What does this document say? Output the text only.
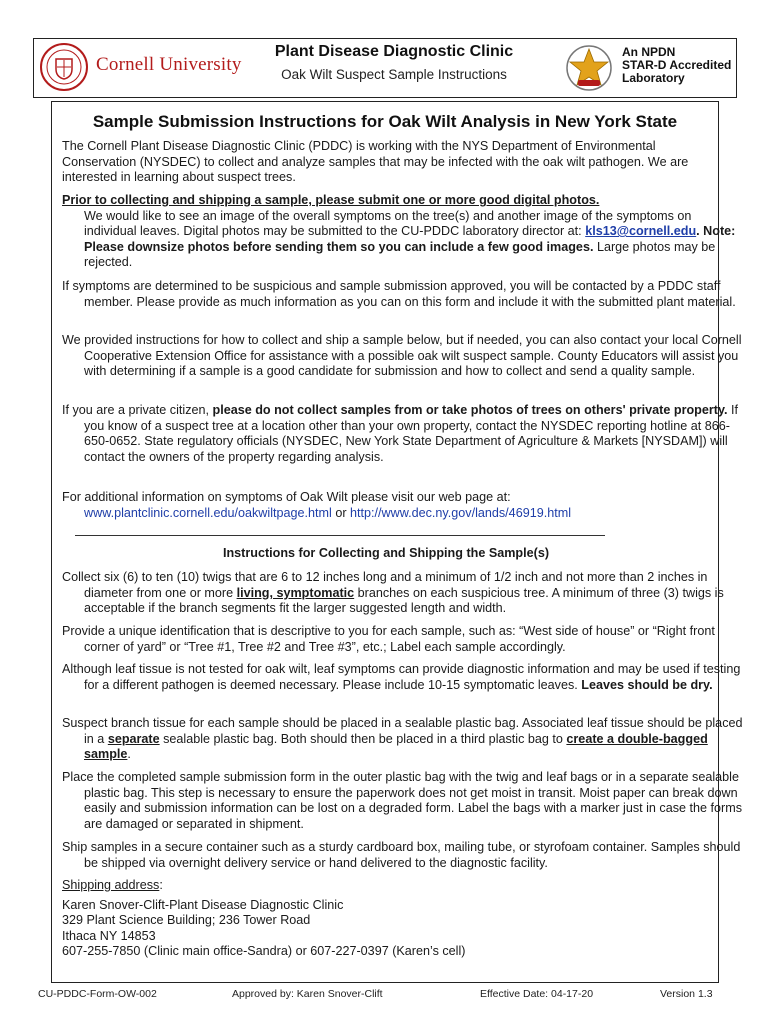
Cornell University
Plant Disease Diagnostic Clinic
Oak Wilt Suspect Sample Instructions
An NPDN
STAR-D Accredited
Laboratory
Sample Submission Instructions for Oak Wilt Analysis in New York State
The Cornell Plant Disease Diagnostic Clinic (PDDC) is working with the NYS Department of Environmental Conservation (NYSDEC) to collect and analyze samples that may be infected with the oak wilt pathogen. We are interested in learning about suspect trees.
Prior to collecting and shipping a sample, please submit one or more good digital photos.
We would like to see an image of the overall symptoms on the tree(s) and another image of the symptoms on individual leaves. Digital photos may be submitted to the CU-PDDC laboratory director at: kls13@cornell.edu. Note: Please downsize photos before sending them so you can include a few good images. Large photos may be rejected.
If symptoms are determined to be suspicious and sample submission approved, you will be contacted by a PDDC staff member. Please provide as much information as you can on this form and include it with the submitted plant material.
We provided instructions for how to collect and ship a sample below, but if needed, you can also contact your local Cornell Cooperative Extension Office for assistance with a possible oak wilt suspect sample. County Educators will assist you with determining if a sample is a good candidate for submission and how to collect and send a quality sample.
If you are a private citizen, please do not collect samples from or take photos of trees on others' private property. If you know of a suspect tree at a location other than your own property, contact the NYSDEC reporting hotline at 866-650-0652. State regulatory officials (NYSDEC, New York State Department of Agriculture & Markets [NYSDAM]) will contact the owners of the property regarding analysis.
For additional information on symptoms of Oak Wilt please visit our web page at:
www.plantclinic.cornell.edu/oakwiltpage.html or http://www.dec.ny.gov/lands/46919.html
Instructions for Collecting and Shipping the Sample(s)
Collect six (6) to ten (10) twigs that are 6 to 12 inches long and a minimum of 1/2 inch and not more than 2 inches in diameter from one or more living, symptomatic branches on each suspicious tree. A minimum of three (3) twigs is acceptable if the branch segments fit the larger suggested length and width.
Provide a unique identification that is descriptive to you for each sample, such as: “West side of house” or “Right front corner of yard” or “Tree #1, Tree #2 and Tree #3”, etc.; Label each sample accordingly.
Although leaf tissue is not tested for oak wilt, leaf symptoms can provide diagnostic information and may be used if testing for a different pathogen is deemed necessary. Please include 10-15 symptomatic leaves. Leaves should be dry.
Suspect branch tissue for each sample should be placed in a sealable plastic bag. Associated leaf tissue should be placed in a separate sealable plastic bag. Both should then be placed in a third plastic bag to create a double-bagged sample.
Place the completed sample submission form in the outer plastic bag with the twig and leaf bags or in a separate sealable plastic bag. This step is necessary to ensure the paperwork does not get moist in transit. Moist paper can break down easily and submission information can be lost on a degraded form. Label the bags with a marker just in case the forms are damaged or separated in shipment.
Ship samples in a secure container such as a sturdy cardboard box, mailing tube, or styrofoam container. Samples should be shipped via overnight delivery service or hand delivered to the diagnostic facility.
Shipping address:
Karen Snover-Clift-Plant Disease Diagnostic Clinic
329 Plant Science Building; 236 Tower Road
Ithaca NY 14853
607-255-7850 (Clinic main office-Sandra) or 607-227-0397 (Karen’s cell)
CU-PDDC-Form-OW-002	Approved by: Karen Snover-Clift	Effective Date: 04-17-20	Version 1.3
